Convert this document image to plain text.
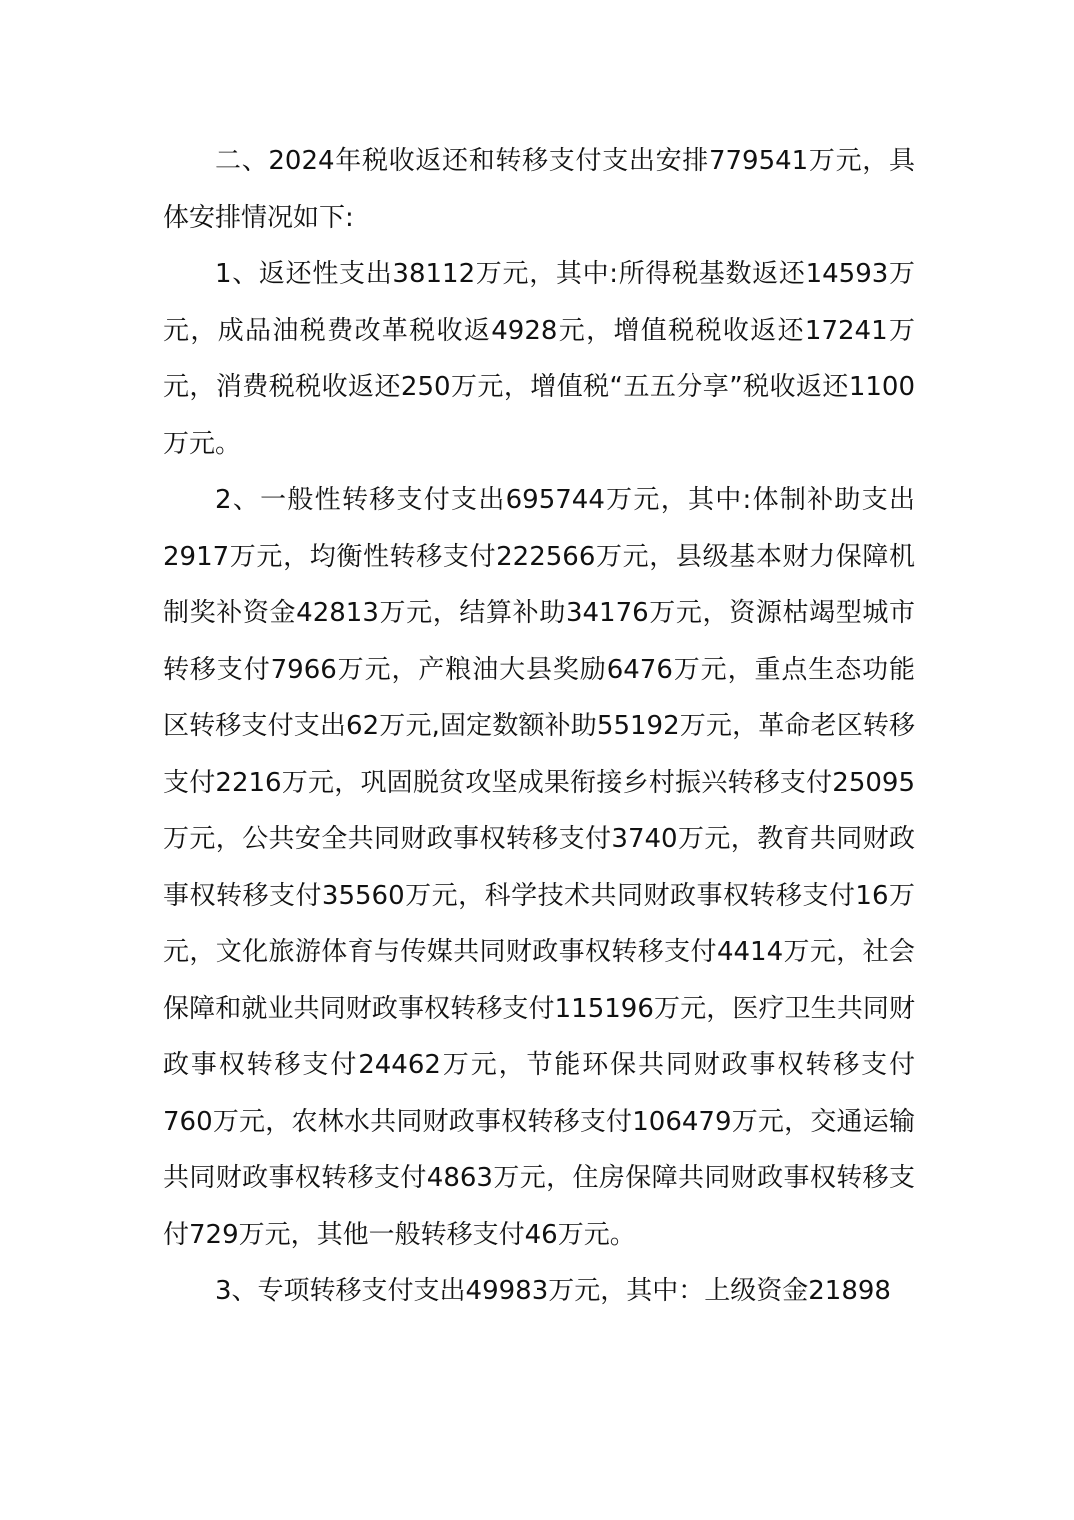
二、2024年税收返还和转移支付支出安排779541万元，具体安排情况如下:

1、返还性支出38112万元，其中:所得税基数返还14593万元，成品油税费改革税收返4928元，增值税税收返还17241万元，消费税税收返还250万元，增值税“五五分享”税收返还1100万元。

2、一般性转移支付支出695744万元，其中:体制补助支出2917万元，均衡性转移支付222566万元，县级基本财力保障机制奖补资金42813万元，结算补助34176万元，资源枯竭型城市转移支付7966万元，产粮油大县奖励6476万元，重点生态功能区转移支付支出62万元,固定数额补助55192万元，革命老区转移支付2216万元，巩固脱贫攻坚成果衔接乡村振兴转移支付25095万元，公共安全共同财政事权转移支付3740万元，教育共同财政事权转移支付35560万元，科学技术共同财政事权转移支付16万元，文化旅游体育与传媒共同财政事权转移支付4414万元，社会保障和就业共同财政事权转移支付115196万元，医疗卫生共同财政事权转移支付24462万元，节能环保共同财政事权转移支付760万元，农林水共同财政事权转移支付106479万元，交通运输共同财政事权转移支付4863万元，住房保障共同财政事权转移支付729万元，其他一般转移支付46万元。

3、专项转移支付支出49983万元，其中：上级资金21898
